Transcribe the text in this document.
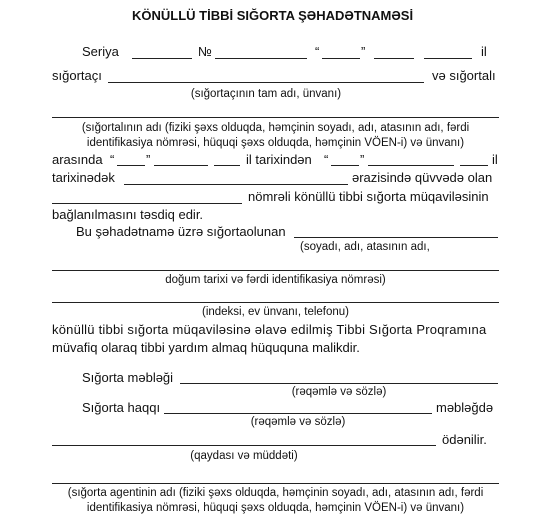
KÖNÜLLÜ TİBBİ SIĞORTA ŞƏHADƏTNAMƏSİ
Seriya	№	“	”	il
sığortaçı	və sığortalı
(sığortaçının tam adı, ünvanı)
(sığortalının adı (fiziki şəxs olduqda, həmçinin soyadı, adı, atasının adı, fərdi
identifikasiya nömrəsi, hüquqi şəxs olduqda, həmçinin VÖEN-i) və ünvanı)
arasında “ ”	il tarixindən “ ”	il
tarixinədək	ərazisində qüvvədə olan
nömrəli könüllü tibbi sığorta müqaviləsinin
bağlanılmasını təsdiq edir.
Bu şəhadətnamə üzrə sığortaolunan
(soyadı, adı, atasının adı,
doğum tarixi və fərdi identifikasiya nömrəsi)
(indeksi, ev ünvanı, telefonu)
könüllü tibbi sığorta müqaviləsinə əlavə edilmiş Tibbi Sığorta Proqramına
müvafiq olaraq tibbi yardım almaq hüququna malikdir.
Sığorta məbləği
(rəqəmlə və sözlə)
Sığorta haqqı	məbləğdə
(rəqəmlə və sözlə)
ödənilir.
(qaydası və müddəti)
(sığorta agentinin adı (fiziki şəxs olduqda, həmçinin soyadı, adı, atasının adı, fərdi
identifikasiya nömrəsi, hüquqi şəxs olduqda, həmçinin VÖEN-i) və ünvanı)
